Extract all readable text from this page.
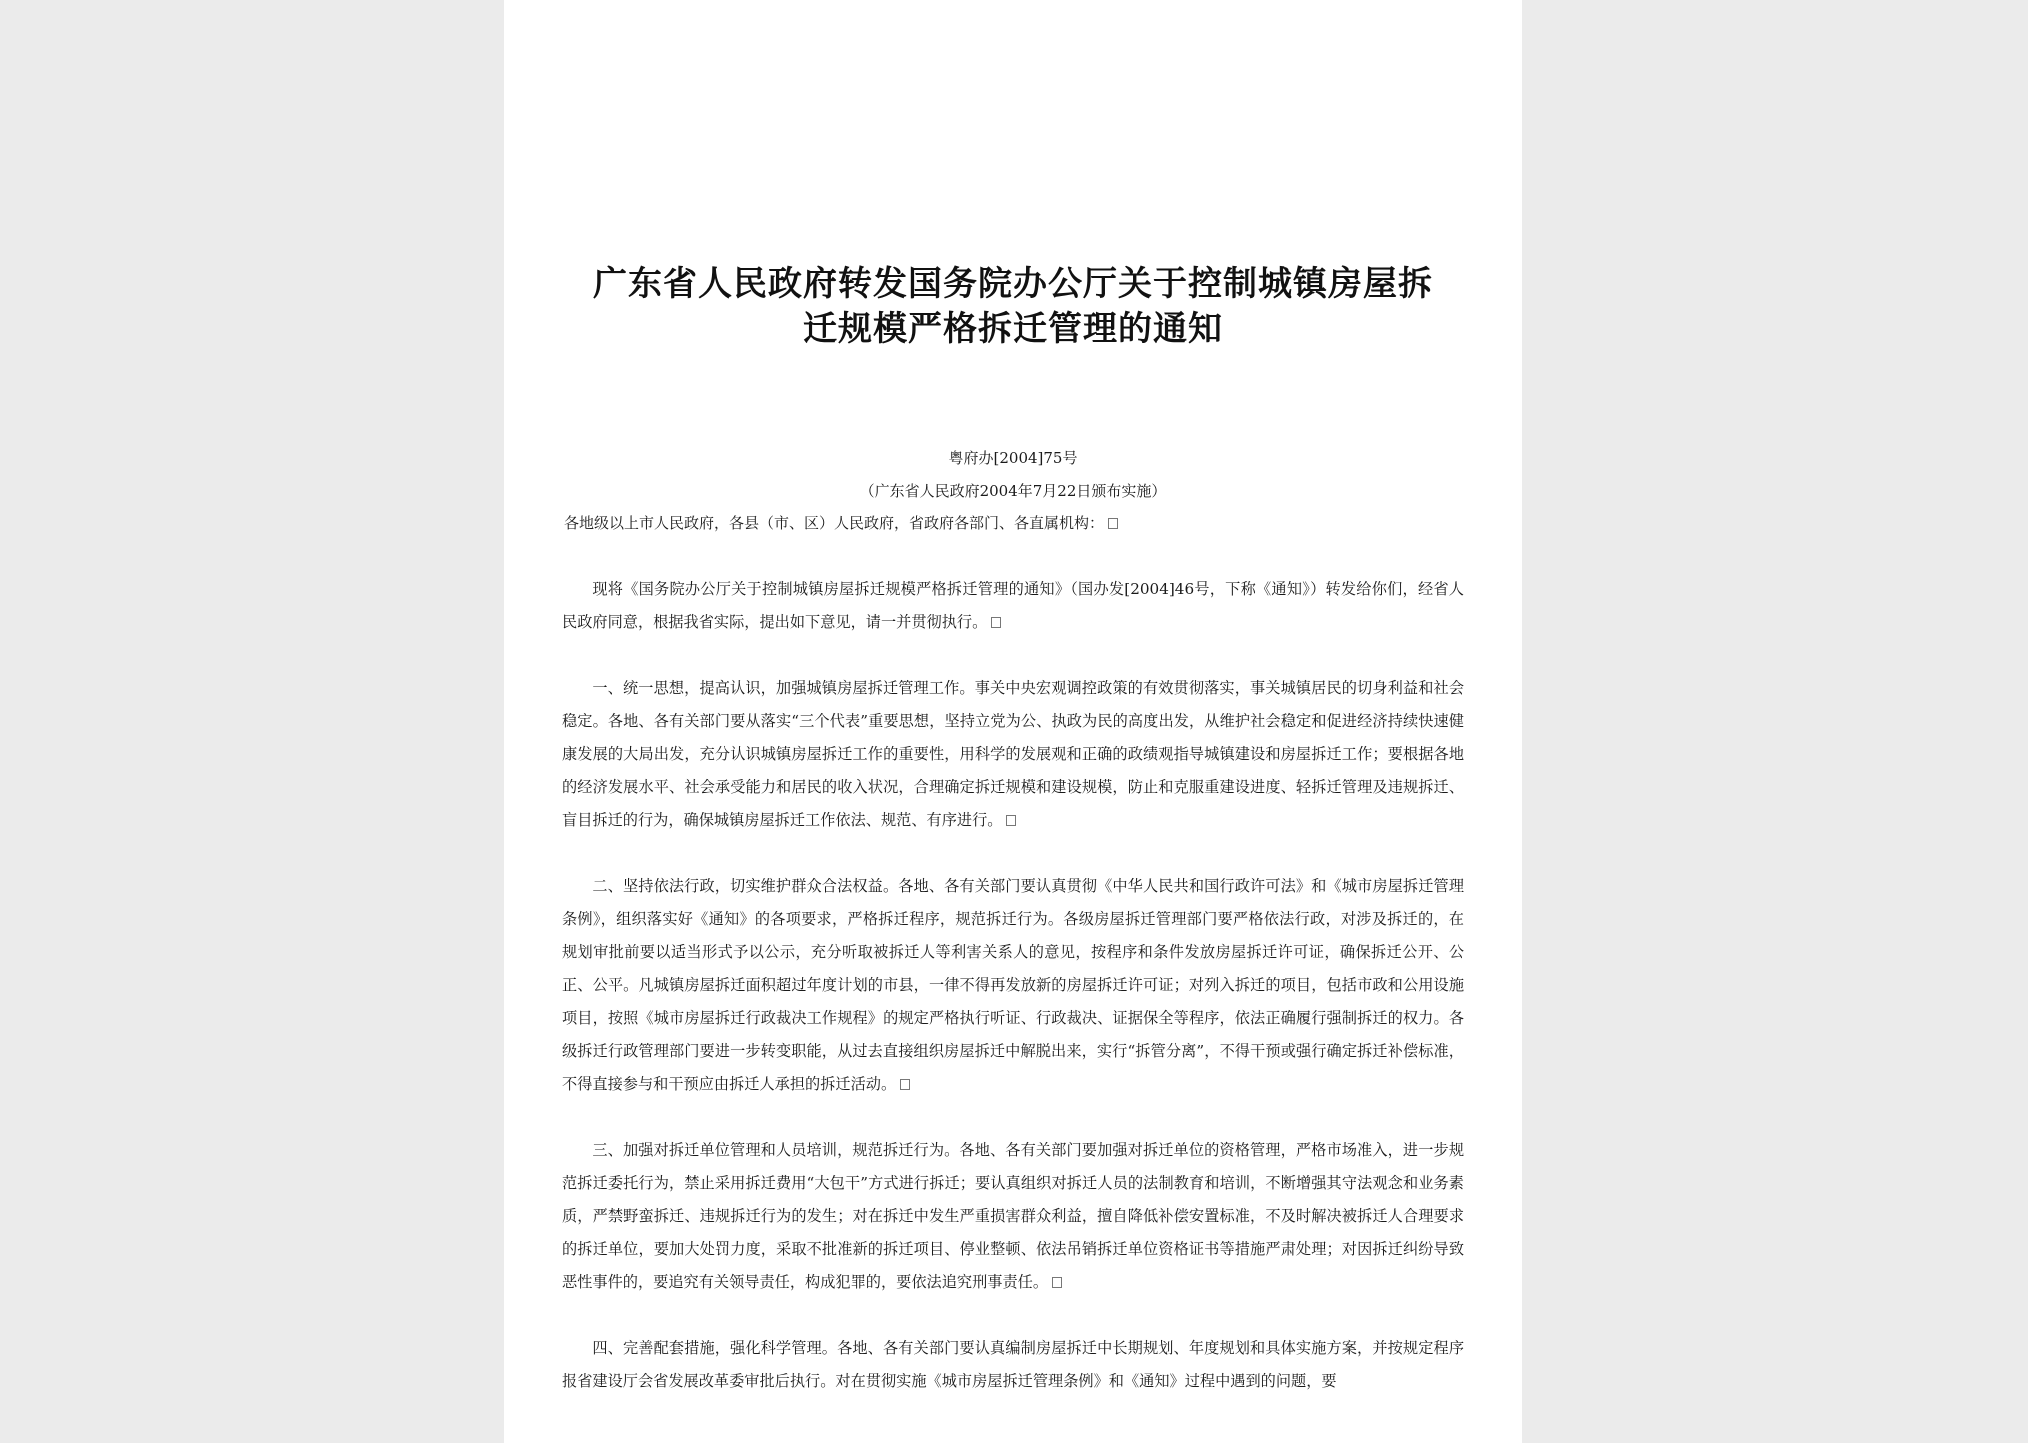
广东省人民政府转发国务院办公厅关于控制城镇房屋拆
迁规模严格拆迁管理的通知
粤府办[2004]75号
（广东省人民政府2004年7月22日颁布实施）
各地级以上市人民政府，各县（市、区）人民政府，省政府各部门、各直属机构：

现将《国务院办公厅关于控制城镇房屋拆迁规模严格拆迁管理的通知》（国办发[2004]46号，下称《通知》）转发给你们，经省人民政府同意，根据我省实际，提出如下意见，请一并贯彻执行。

一、统一思想，提高认识，加强城镇房屋拆迁管理工作。事关中央宏观调控政策的有效贯彻落实，事关城镇居民的切身利益和社会稳定。各地、各有关部门要从落实“三个代表”重要思想，坚持立党为公、执政为民的高度出发，从维护社会稳定和促进经济持续快速健康发展的大局出发，充分认识城镇房屋拆迁工作的重要性，用科学的发展观和正确的政绩观指导城镇建设和房屋拆迁工作；要根据各地的经济发展水平、社会承受能力和居民的收入状况，合理确定拆迁规模和建设规模，防止和克服重建设进度、轻拆迁管理及违规拆迁、盲目拆迁的行为，确保城镇房屋拆迁工作依法、规范、有序进行。

二、坚持依法行政，切实维护群众合法权益。各地、各有关部门要认真贯彻《中华人民共和国行政许可法》和《城市房屋拆迁管理条例》，组织落实好《通知》的各项要求，严格拆迁程序，规范拆迁行为。各级房屋拆迁管理部门要严格依法行政，对涉及拆迁的，在规划审批前要以适当形式予以公示，充分听取被拆迁人等利害关系人的意见，按程序和条件发放房屋拆迁许可证，确保拆迁公开、公正、公平。凡城镇房屋拆迁面积超过年度计划的市县，一律不得再发放新的房屋拆迁许可证；对列入拆迁的项目，包括市政和公用设施项目，按照《城市房屋拆迁行政裁决工作规程》的规定严格执行听证、行政裁决、证据保全等程序，依法正确履行强制拆迁的权力。各级拆迁行政管理部门要进一步转变职能，从过去直接组织房屋拆迁中解脱出来，实行“拆管分离”，不得干预或强行确定拆迁补偿标准，不得直接参与和干预应由拆迁人承担的拆迁活动。

三、加强对拆迁单位管理和人员培训，规范拆迁行为。各地、各有关部门要加强对拆迁单位的资格管理，严格市场准入，进一步规范拆迁委托行为，禁止采用拆迁费用“大包干”方式进行拆迁；要认真组织对拆迁人员的法制教育和培训，不断增强其守法观念和业务素质，严禁野蛮拆迁、违规拆迁行为的发生；对在拆迁中发生严重损害群众利益，擅自降低补偿安置标准，不及时解决被拆迁人合理要求的拆迁单位，要加大处罚力度，采取不批准新的拆迁项目、停业整顿、依法吊销拆迁单位资格证书等措施严肃处理；对因拆迁纠纷导致恶性事件的，要追究有关领导责任，构成犯罪的，要依法追究刑事责任。

四、完善配套措施，强化科学管理。各地、各有关部门要认真编制房屋拆迁中长期规划、年度规划和具体实施方案，并按规定程序报省建设厅会省发展改革委审批后执行。对在贯彻实施《城市房屋拆迁管理条例》和《通知》过程中遇到的问题，要
